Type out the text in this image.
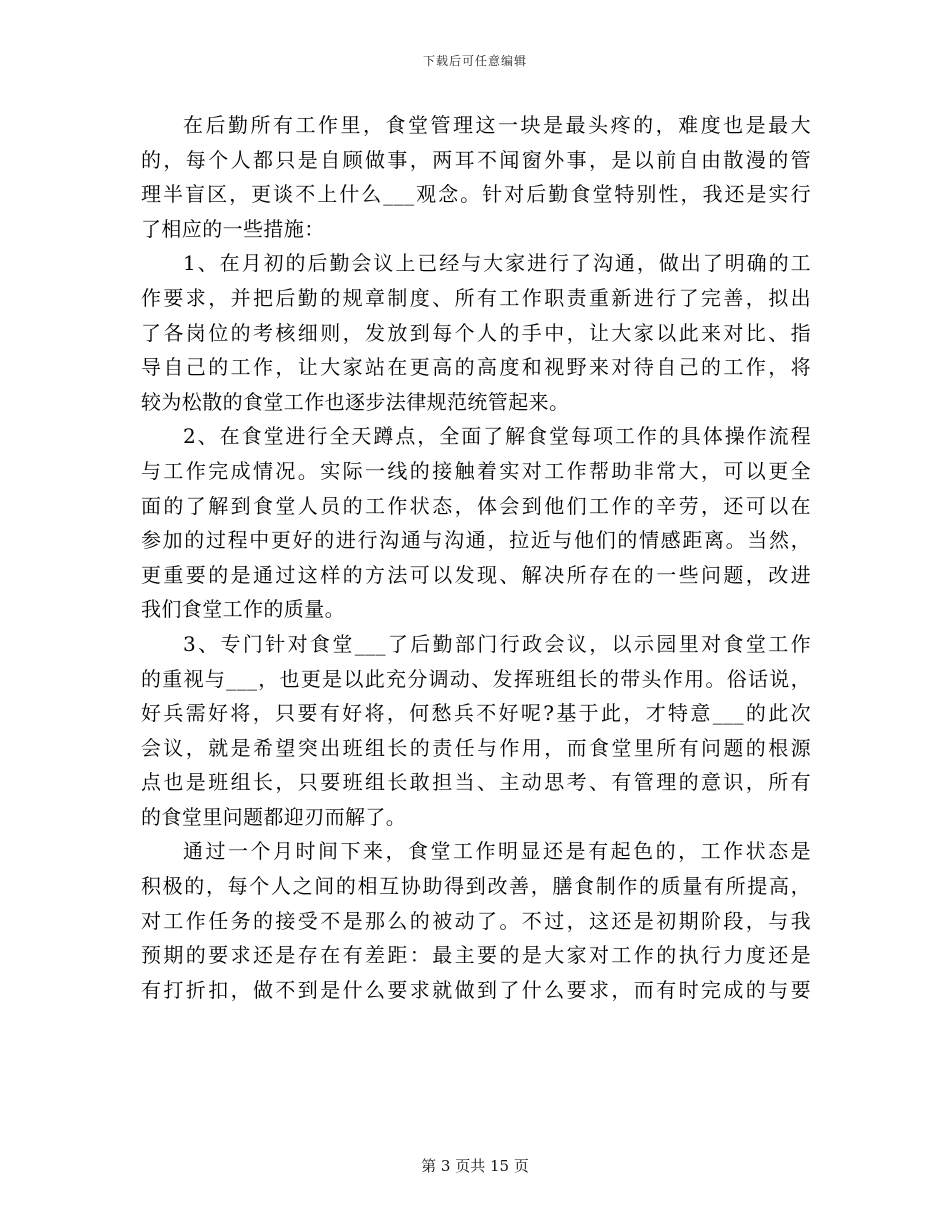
下载后可任意编辑
在后勤所有工作里，食堂管理这一块是最头疼的，难度也是最大
的，每个人都只是自顾做事，两耳不闻窗外事，是以前自由散漫的管
理半盲区，更谈不上什么___观念。针对后勤食堂特别性，我还是实行
了相应的一些措施：
1、在月初的后勤会议上已经与大家进行了沟通，做出了明确的工
作要求，并把后勤的规章制度、所有工作职责重新进行了完善，拟出
了各岗位的考核细则，发放到每个人的手中，让大家以此来对比、指
导自己的工作，让大家站在更高的高度和视野来对待自己的工作，将
较为松散的食堂工作也逐步法律规范统管起来。
2、在食堂进行全天蹲点，全面了解食堂每项工作的具体操作流程
与工作完成情况。实际一线的接触着实对工作帮助非常大，可以更全
面的了解到食堂人员的工作状态，体会到他们工作的辛劳，还可以在
参加的过程中更好的进行沟通与沟通，拉近与他们的情感距离。当然，
更重要的是通过这样的方法可以发现、解决所存在的一些问题，改进
我们食堂工作的质量。
3、专门针对食堂___了后勤部门行政会议，以示园里对食堂工作
的重视与___，也更是以此充分调动、发挥班组长的带头作用。俗话说，
好兵需好将，只要有好将，何愁兵不好呢?基于此，才特意___的此次
会议，就是希望突出班组长的责任与作用，而食堂里所有问题的根源
点也是班组长，只要班组长敢担当、主动思考、有管理的意识，所有
的食堂里问题都迎刃而解了。
通过一个月时间下来，食堂工作明显还是有起色的，工作状态是
积极的，每个人之间的相互协助得到改善，膳食制作的质量有所提高，
对工作任务的接受不是那么的被动了。不过，这还是初期阶段，与我
预期的要求还是存在有差距：最主要的是大家对工作的执行力度还是
有打折扣，做不到是什么要求就做到了什么要求，而有时完成的与要
第 3 页共 15 页
